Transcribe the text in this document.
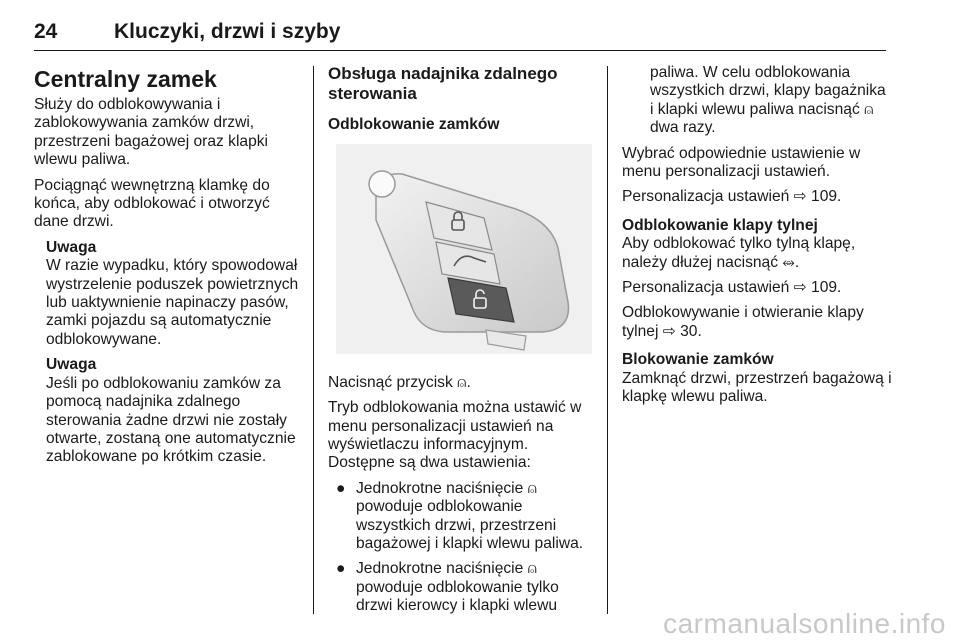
24	Kluczyki, drzwi i szyby
Centralny zamek

Służy do odblokowywania i zablokowywania zamków drzwi, przestrzeni bagażowej oraz klapki wlewu paliwa.

Pociągnąć wewnętrzną klamkę do końca, aby odblokować i otworzyć dane drzwi.

Uwaga

W razie wypadku, który spowodował wystrzelenie poduszek powietrznych lub uaktywnienie napinaczy pasów, zamki pojazdu są automatycznie odblokowywane.

Uwaga

Jeśli po odblokowaniu zamków za pomocą nadajnika zdalnego sterowania żadne drzwi nie zostały otwarte, zostaną one automatycznie zablokowane po krótkim czasie.

Obsługa nadajnika zdalnego sterowania
Odblokowanie zamków

Nacisnąć przycisk ⍝.

Tryb odblokowania można ustawić w menu personalizacji ustawień na wyświetlaczu informacyjnym.

Dostępne są dwa ustawienia:

● Jednokrotne naciśnięcie ⍝ powoduje odblokowanie wszystkich drzwi, przestrzeni bagażowej i klapki wlewu paliwa.
● Jednokrotne naciśnięcie ⍝ powoduje odblokowanie tylko drzwi kierowcy i klapki wlewu

paliwa. W celu odblokowania wszystkich drzwi, klapy bagażnika i klapki wlewu paliwa nacisnąć ⍝ dwa razy.

Wybrać odpowiednie ustawienie w menu personalizacji ustawień.

Personalizacja ustawień ⇨ 109.

Odblokowanie klapy tylnej

Aby odblokować tylko tylną klapę, należy dłużej nacisnąć ⥈.

Personalizacja ustawień ⇨ 109.

Odblokowywanie i otwieranie klapy tylnej ⇨ 30.

Blokowanie zamków

Zamknąć drzwi, przestrzeń bagażową i klapkę wlewu paliwa.

carmanualsonline.info
